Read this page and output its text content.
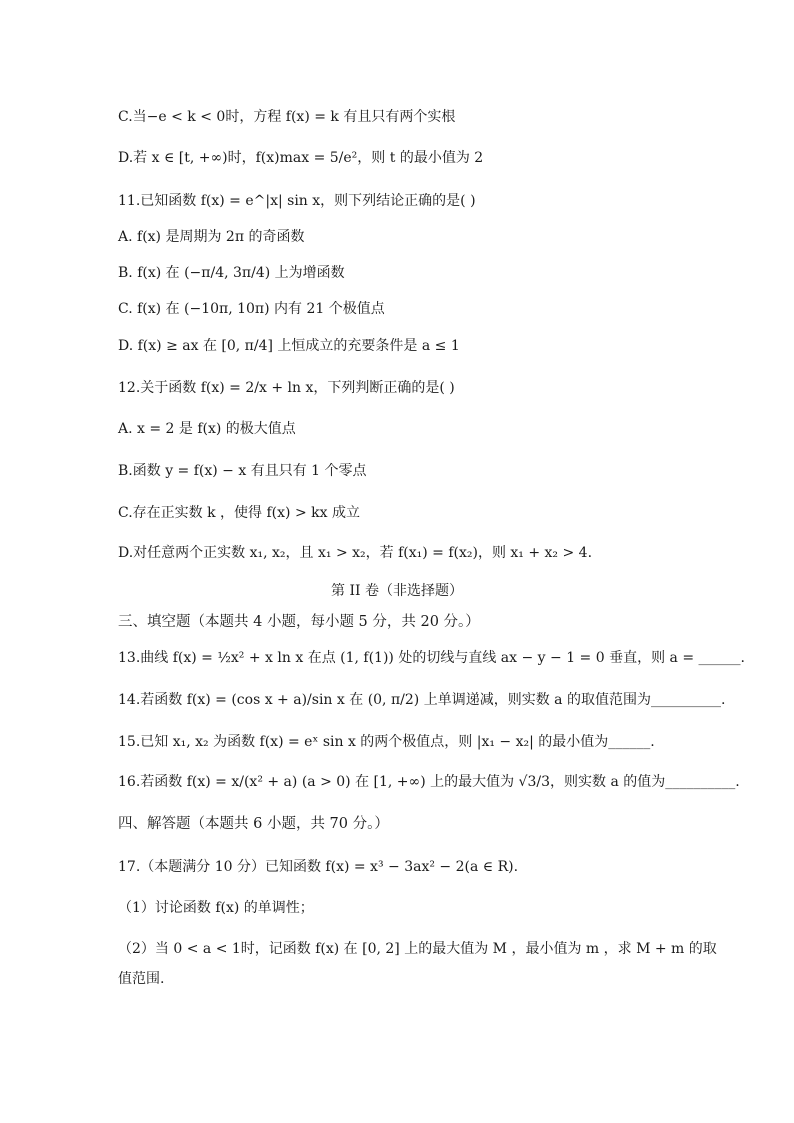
C.当−e < k < 0时，方程 f(x) = k 有且只有两个实根
D.若 x ∈ [t, +∞)时，f(x)max = 5/e²，则 t 的最小值为 2
11.已知函数 f(x) = e^|x| sin x，则下列结论正确的是( )
A. f(x) 是周期为 2π 的奇函数
B. f(x) 在 (−π/4, 3π/4) 上为增函数
C. f(x) 在 (−10π, 10π) 内有 21 个极值点
D. f(x) ≥ ax 在 [0, π/4] 上恒成立的充要条件是 a ≤ 1
12.关于函数 f(x) = 2/x + ln x，下列判断正确的是( )
A. x = 2 是 f(x) 的极大值点
B.函数 y = f(x) − x 有且只有 1 个零点
C.存在正实数 k ，使得 f(x) > kx 成立
D.对任意两个正实数 x₁, x₂，且 x₁ > x₂，若 f(x₁) = f(x₂)，则 x₁ + x₂ > 4.
第 II 卷（非选择题）
三、填空题（本题共 4 小题，每小题 5 分，共 20 分。）
13.曲线 f(x) = ½x² + x ln x 在点 (1, f(1)) 处的切线与直线 ax − y − 1 = 0 垂直，则 a = ______.
14.若函数 f(x) = (cos x + a)/sin x 在 (0, π/2) 上单调递减，则实数 a 的取值范围为__________.
15.已知 x₁, x₂ 为函数 f(x) = eˣ sin x 的两个极值点，则 |x₁ − x₂| 的最小值为______.
16.若函数 f(x) = x/(x² + a) (a > 0) 在 [1, +∞) 上的最大值为 √3/3，则实数 a 的值为__________.
四、解答题（本题共 6 小题，共 70 分。）
17.（本题满分 10 分）已知函数 f(x) = x³ − 3ax² − 2(a ∈ R).
（1）讨论函数 f(x) 的单调性；
（2）当 0 < a < 1时，记函数 f(x) 在 [0, 2] 上的最大值为 M ，最小值为 m ，求 M + m 的取
值范围.
